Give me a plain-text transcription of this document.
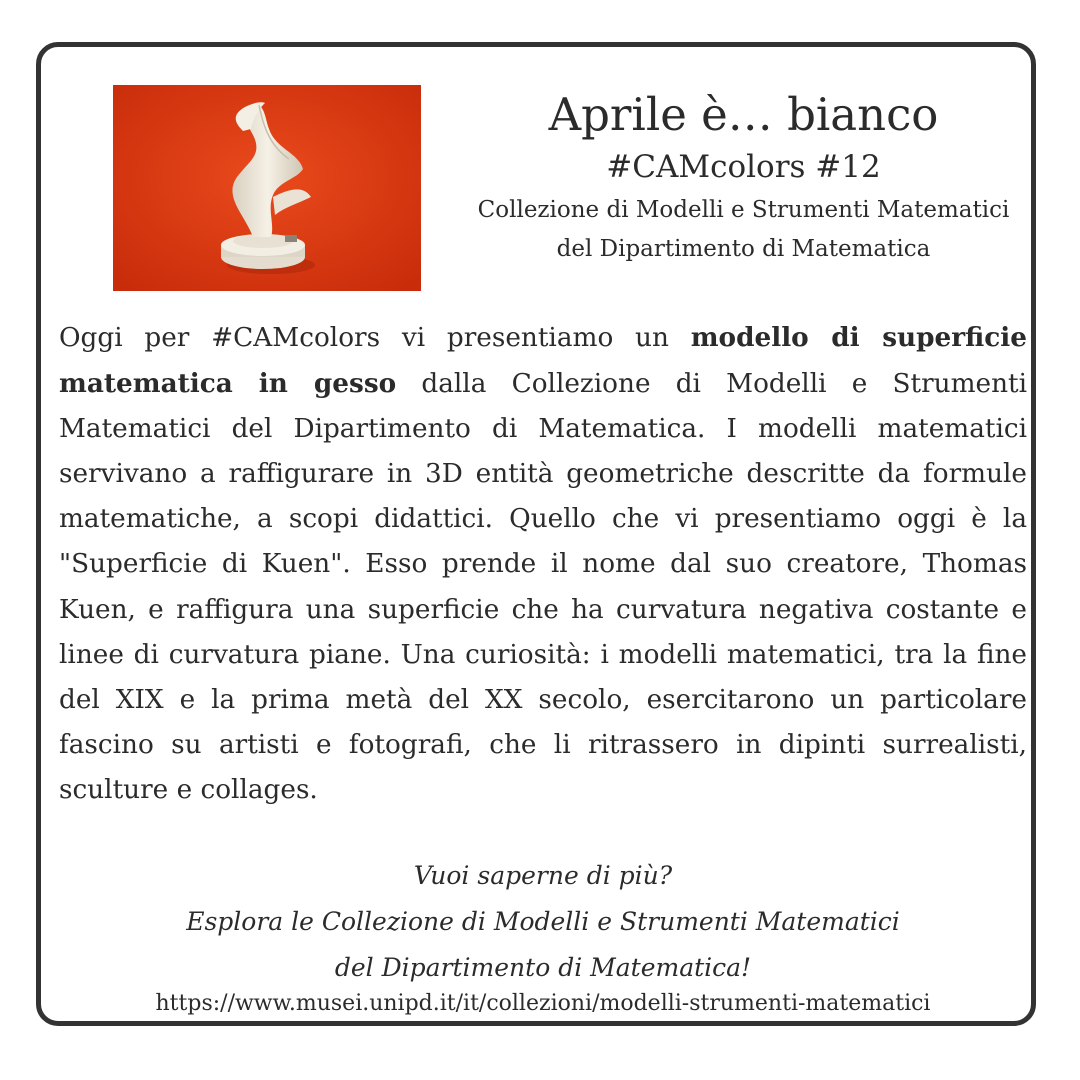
Aprile è… bianco
#CAMcolors #12
Collezione di Modelli e Strumenti Matematici
del Dipartimento di Matematica

Oggi per #CAMcolors vi presentiamo un modello di superficie matematica in gesso dalla Collezione di Modelli e Strumenti Matematici del Dipartimento di Matematica. I modelli matematici servivano a raffigurare in 3D entità geometriche descritte da formule matematiche, a scopi didattici. Quello che vi presentiamo oggi è la "Superficie di Kuen". Esso prende il nome dal suo creatore, Thomas Kuen, e raffigura una superficie che ha curvatura negativa costante e linee di curvatura piane. Una curiosità: i modelli matematici, tra la fine del XIX e la prima metà del XX secolo, esercitarono un particolare fascino su artisti e fotografi, che li ritrassero in dipinti surrealisti, sculture e collages.

Vuoi saperne di più?
Esplora le Collezione di Modelli e Strumenti Matematici
del Dipartimento di Matematica!
https://www.musei.unipd.it/it/collezioni/modelli-strumenti-matematici
